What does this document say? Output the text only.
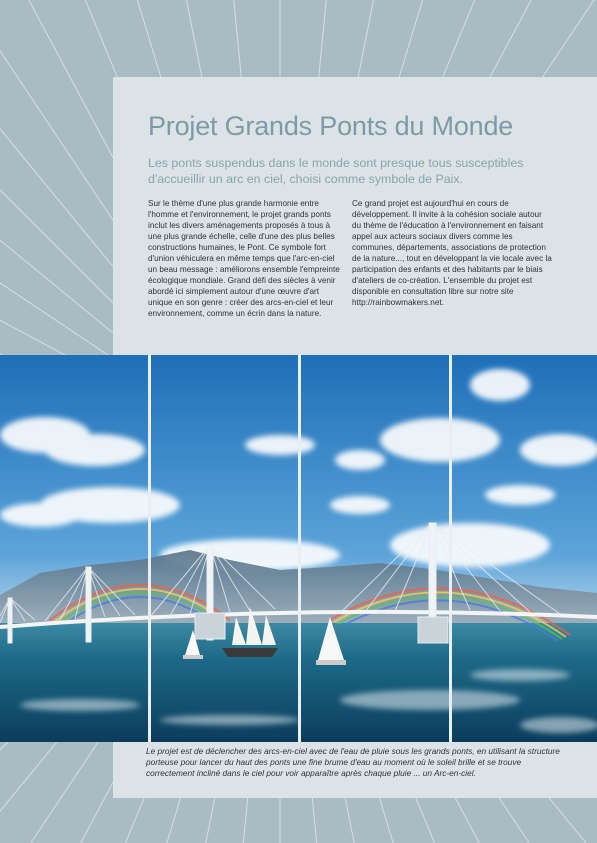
Projet Grands Ponts du Monde

Les ponts suspendus dans le monde sont presque tous susceptibles d'accueillir un arc en ciel, choisi comme symbole de Paix.

Sur le thème d'une plus grande harmonie entre l'homme et l'environnement, le projet grands ponts inclut les divers aménagements proposés à tous à une plus grande échelle, celle d'une des plus belles constructions humaines, le Pont. Ce symbole fort d'union véhiculera en même temps que l'arc-en-ciel un beau message : améliorons ensemble l'empreinte écologique mondiale. Grand défi des siècles à venir abordé ici simplement autour d'une œuvre d'art unique en son genre : créer des arcs-en-ciel et leur environnement, comme un écrin dans la nature.

Ce grand projet est aujourd'hui en cours de développement. Il invite à la cohésion sociale autour du thème de l'éducation à l'environnement en faisant appel aux acteurs sociaux divers comme les communes, départements, associations de protection de la nature..., tout en développant la vie locale avec la participation des enfants et des habitants par le biais d'ateliers de co-création. L'ensemble du projet est disponible en consultation libre sur notre site http://rainbowmakers.net.

Le projet est de déclencher des arcs-en-ciel avec de l'eau de pluie sous les grands ponts, en utilisant la structure porteuse pour lancer du haut des ponts une fine brume d'eau au moment où le soleil brille et se trouve correctement incliné dans le ciel pour voir apparaître après chaque pluie ... un Arc-en-ciel.
